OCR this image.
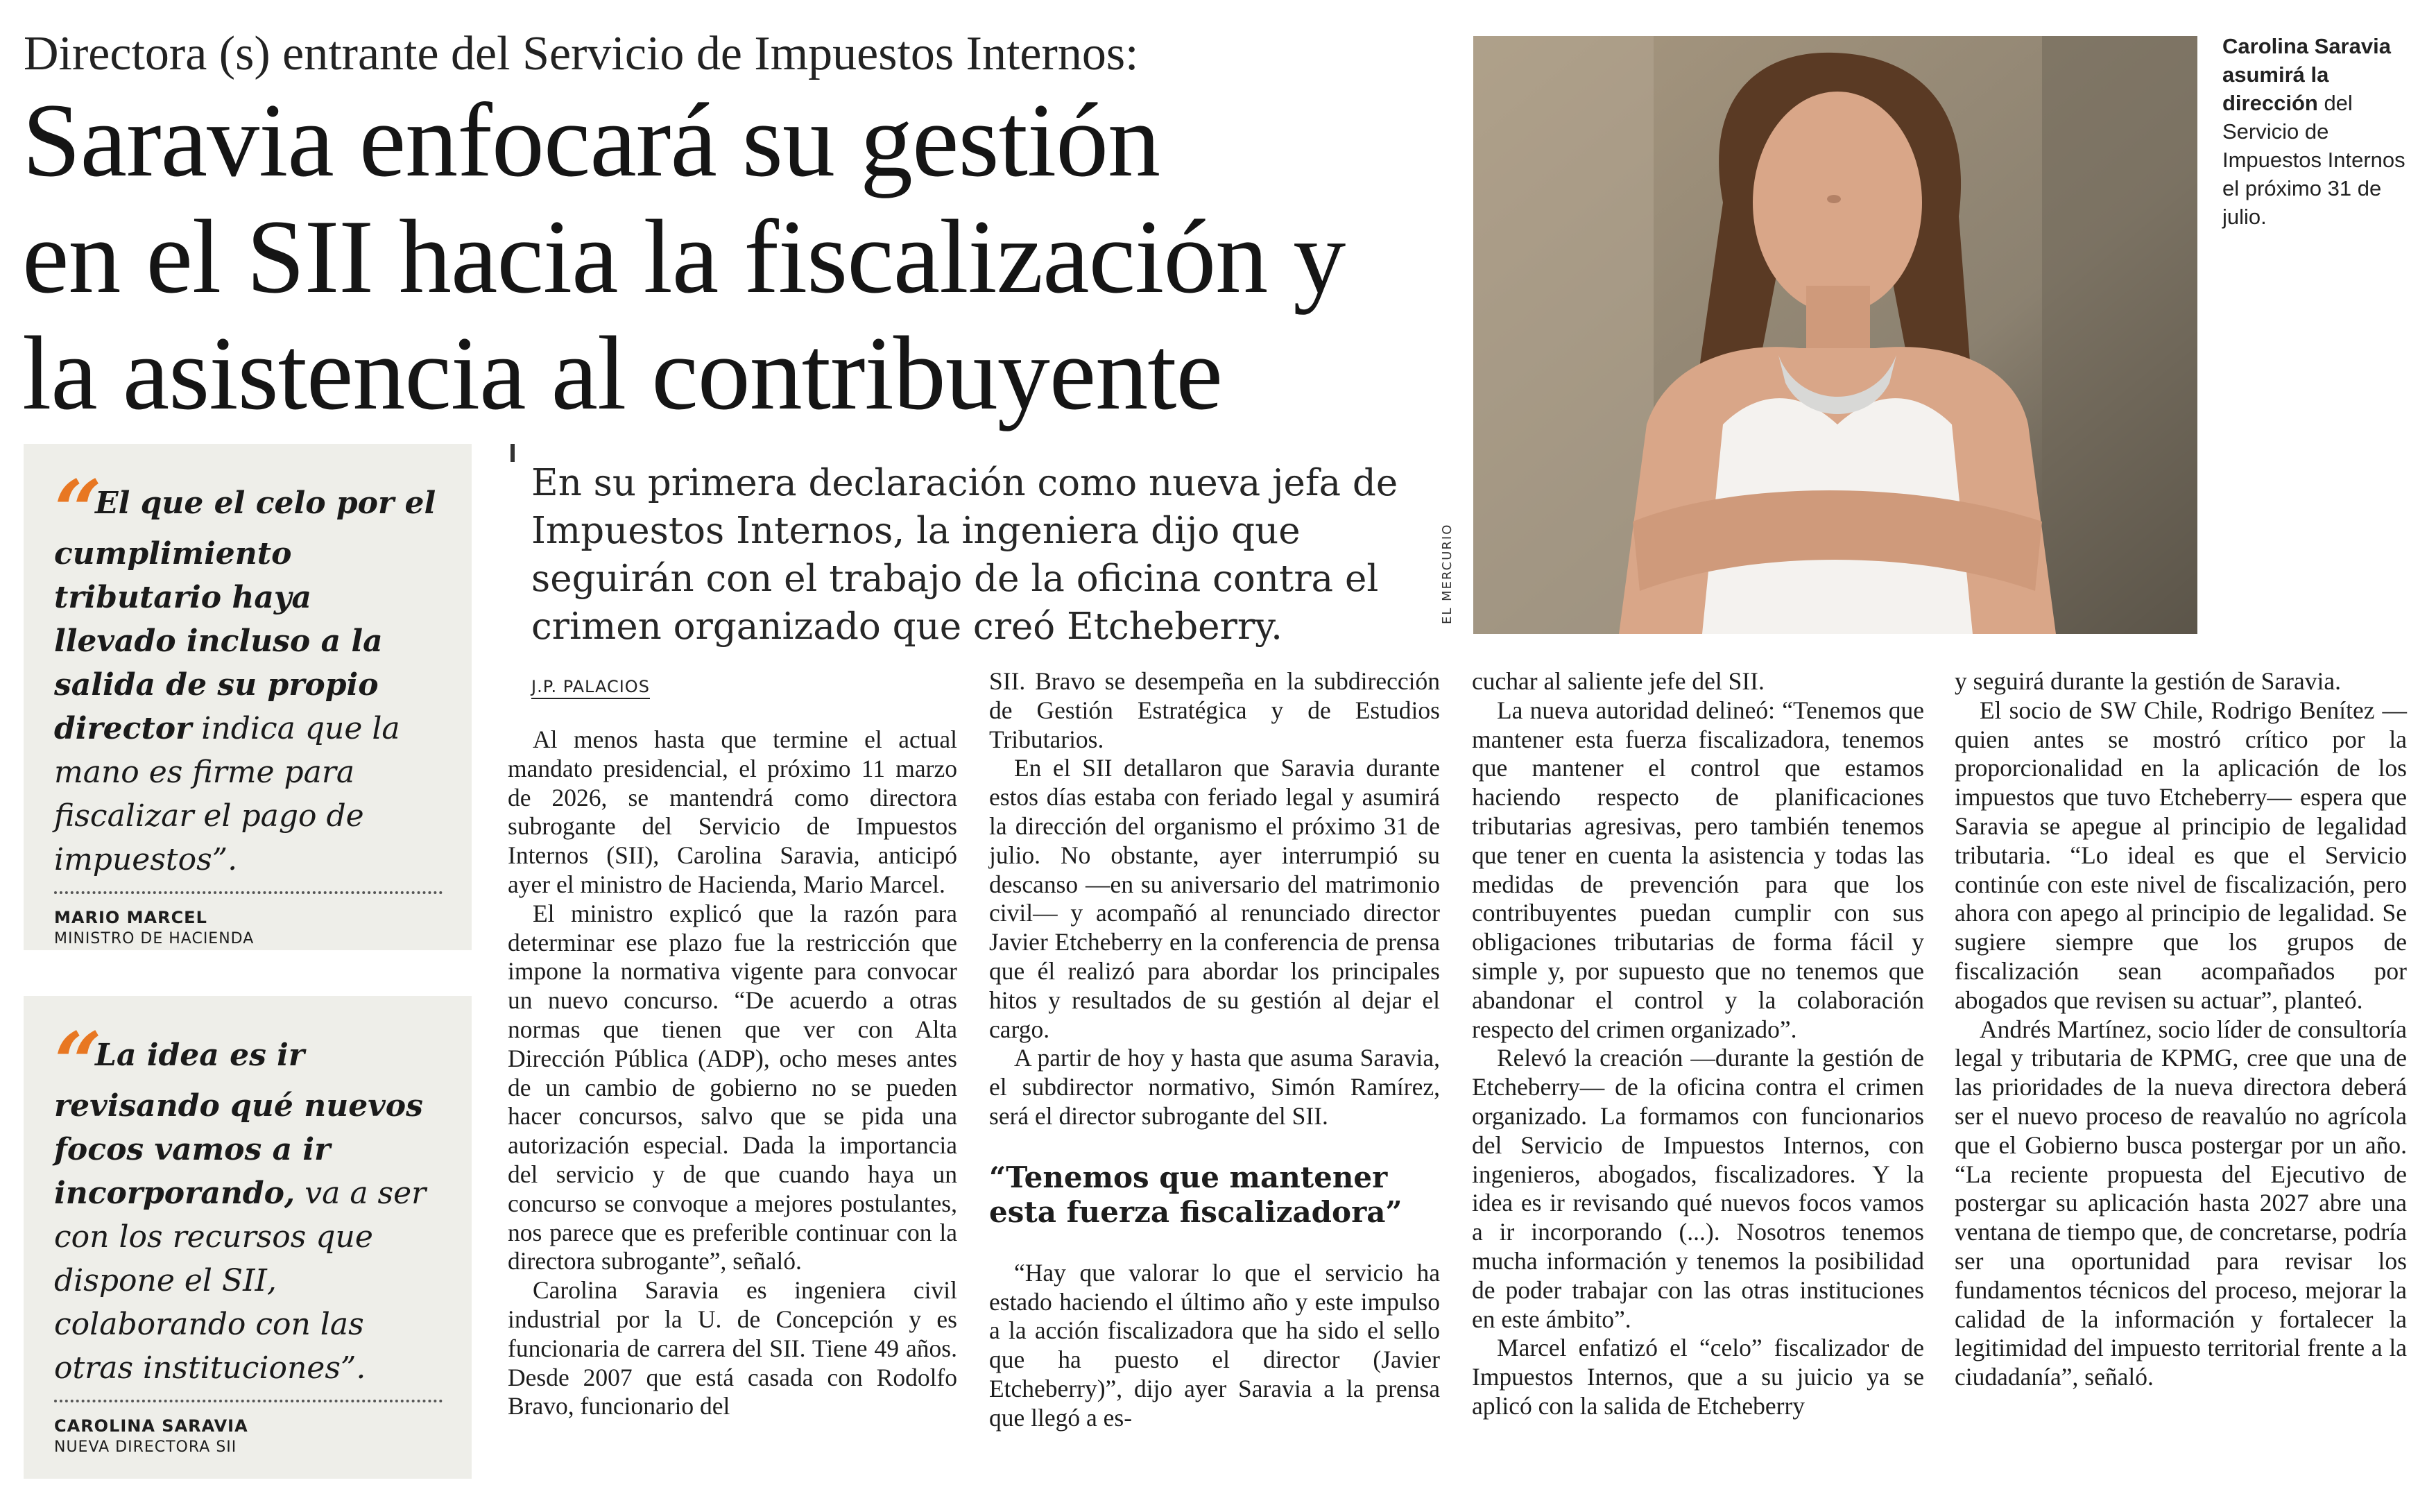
Directora (s) entrante del Servicio de Impuestos Internos:
Saravia enfocará su gestión
en el SII hacia la fiscalización y
la asistencia al contribuyente
“ El que el celo por el cumplimiento tributario haya llevado incluso a la salida de su propio director indica que la mano es firme para fiscalizar el pago de impuestos”.
MARIO MARCEL
MINISTRO DE HACIENDA
“ La idea es ir revisando qué nuevos focos vamos a ir incorporando, va a ser con los recursos que dispone el SII, colaborando con las otras instituciones”.
CAROLINA SARAVIA
NUEVA DIRECTORA SII
En su primera declaración como nueva jefa de Impuestos Internos, la ingeniera dijo que seguirán con el trabajo de la oficina contra el crimen organizado que creó Etcheberry.
J.P. PALACIOS
EL MERCURIO
Carolina Saravia asumirá la dirección del Servicio de Impuestos Internos el próximo 31 de julio.

Al menos hasta que termine el actual mandato presidencial, el próximo 11 marzo de 2026, se mantendrá como directora subrogante del Servicio de Impuestos Internos (SII), Carolina Saravia, anticipó ayer el ministro de Hacienda, Mario Marcel.

El ministro explicó que la razón para determinar ese plazo fue la restricción que impone la normativa vigente para convocar un nuevo concurso. “De acuerdo a otras normas que tienen que ver con Alta Dirección Pública (ADP), ocho meses antes de un cambio de gobierno no se pueden hacer concursos, salvo que se pida una autorización especial. Dada la importancia del servicio y de que cuando haya un concurso se convoque a mejores postulantes, nos parece que es preferible continuar con la directora subrogante”, señaló.

Carolina Saravia es ingeniera civil industrial por la U. de Concepción y es funcionaria de carrera del SII. Tiene 49 años. Desde 2007 que está casada con Rodolfo Bravo, funcionario del

SII. Bravo se desempeña en la subdirección de Gestión Estratégica y de Estudios Tributarios.

En el SII detallaron que Saravia durante estos días estaba con feriado legal y asumirá la dirección del organismo el próximo 31 de julio. No obstante, ayer interrumpió su descanso —en su aniversario del matrimonio civil— y acompañó al renunciado director Javier Etcheberry en la conferencia de prensa que él realizó para abordar los principales hitos y resultados de su gestión al dejar el cargo.

A partir de hoy y hasta que asuma Saravia, el subdirector normativo, Simón Ramírez, será el director subrogante del SII.

“Tenemos que mantener esta fuerza fiscalizadora”

“Hay que valorar lo que el servicio ha estado haciendo el último año y este impulso a la acción fiscalizadora que ha sido el sello que ha puesto el director (Javier Etcheberry)”, dijo ayer Saravia a la prensa que llegó a es-

cuchar al saliente jefe del SII.

La nueva autoridad delineó: “Tenemos que mantener esta fuerza fiscalizadora, tenemos que mantener el control que estamos haciendo respecto de planificaciones tributarias agresivas, pero también tenemos que tener en cuenta la asistencia y todas las medidas de prevención para que los contribuyentes puedan cumplir con sus obligaciones tributarias de forma fácil y simple y, por supuesto que no tenemos que abandonar el control y la colaboración respecto del crimen organizado”.

Relevó la creación —durante la gestión de Etcheberry— de la oficina contra el crimen organizado. La formamos con funcionarios del Servicio de Impuestos Internos, con ingenieros, abogados, fiscalizadores. Y la idea es ir revisando qué nuevos focos vamos a ir incorporando (...). Nosotros tenemos mucha información y tenemos la posibilidad de poder trabajar con las otras instituciones en este ámbito”.

Marcel enfatizó el “celo” fiscalizador de Impuestos Internos, que a su juicio ya se aplicó con la salida de Etcheberry

y seguirá durante la gestión de Saravia.

El socio de SW Chile, Rodrigo Benítez —quien antes se mostró crítico por la proporcionalidad en la aplicación de los impuestos que tuvo Etcheberry— espera que Saravia se apegue al principio de legalidad tributaria. “Lo ideal es que el Servicio continúe con este nivel de fiscalización, pero ahora con apego al principio de legalidad. Se sugiere siempre que los grupos de fiscalización sean acompañados por abogados que revisen su actuar”, planteó.

Andrés Martínez, socio líder de consultoría legal y tributaria de KPMG, cree que una de las prioridades de la nueva directora deberá ser el nuevo proceso de reavalúo no agrícola que el Gobierno busca postergar por un año. “La reciente propuesta del Ejecutivo de postergar su aplicación hasta 2027 abre una ventana de tiempo que, de concretarse, podría ser una oportunidad para revisar los fundamentos técnicos del proceso, mejorar la calidad de la información y fortalecer la legitimidad del impuesto territorial frente a la ciudadanía”, señaló.
